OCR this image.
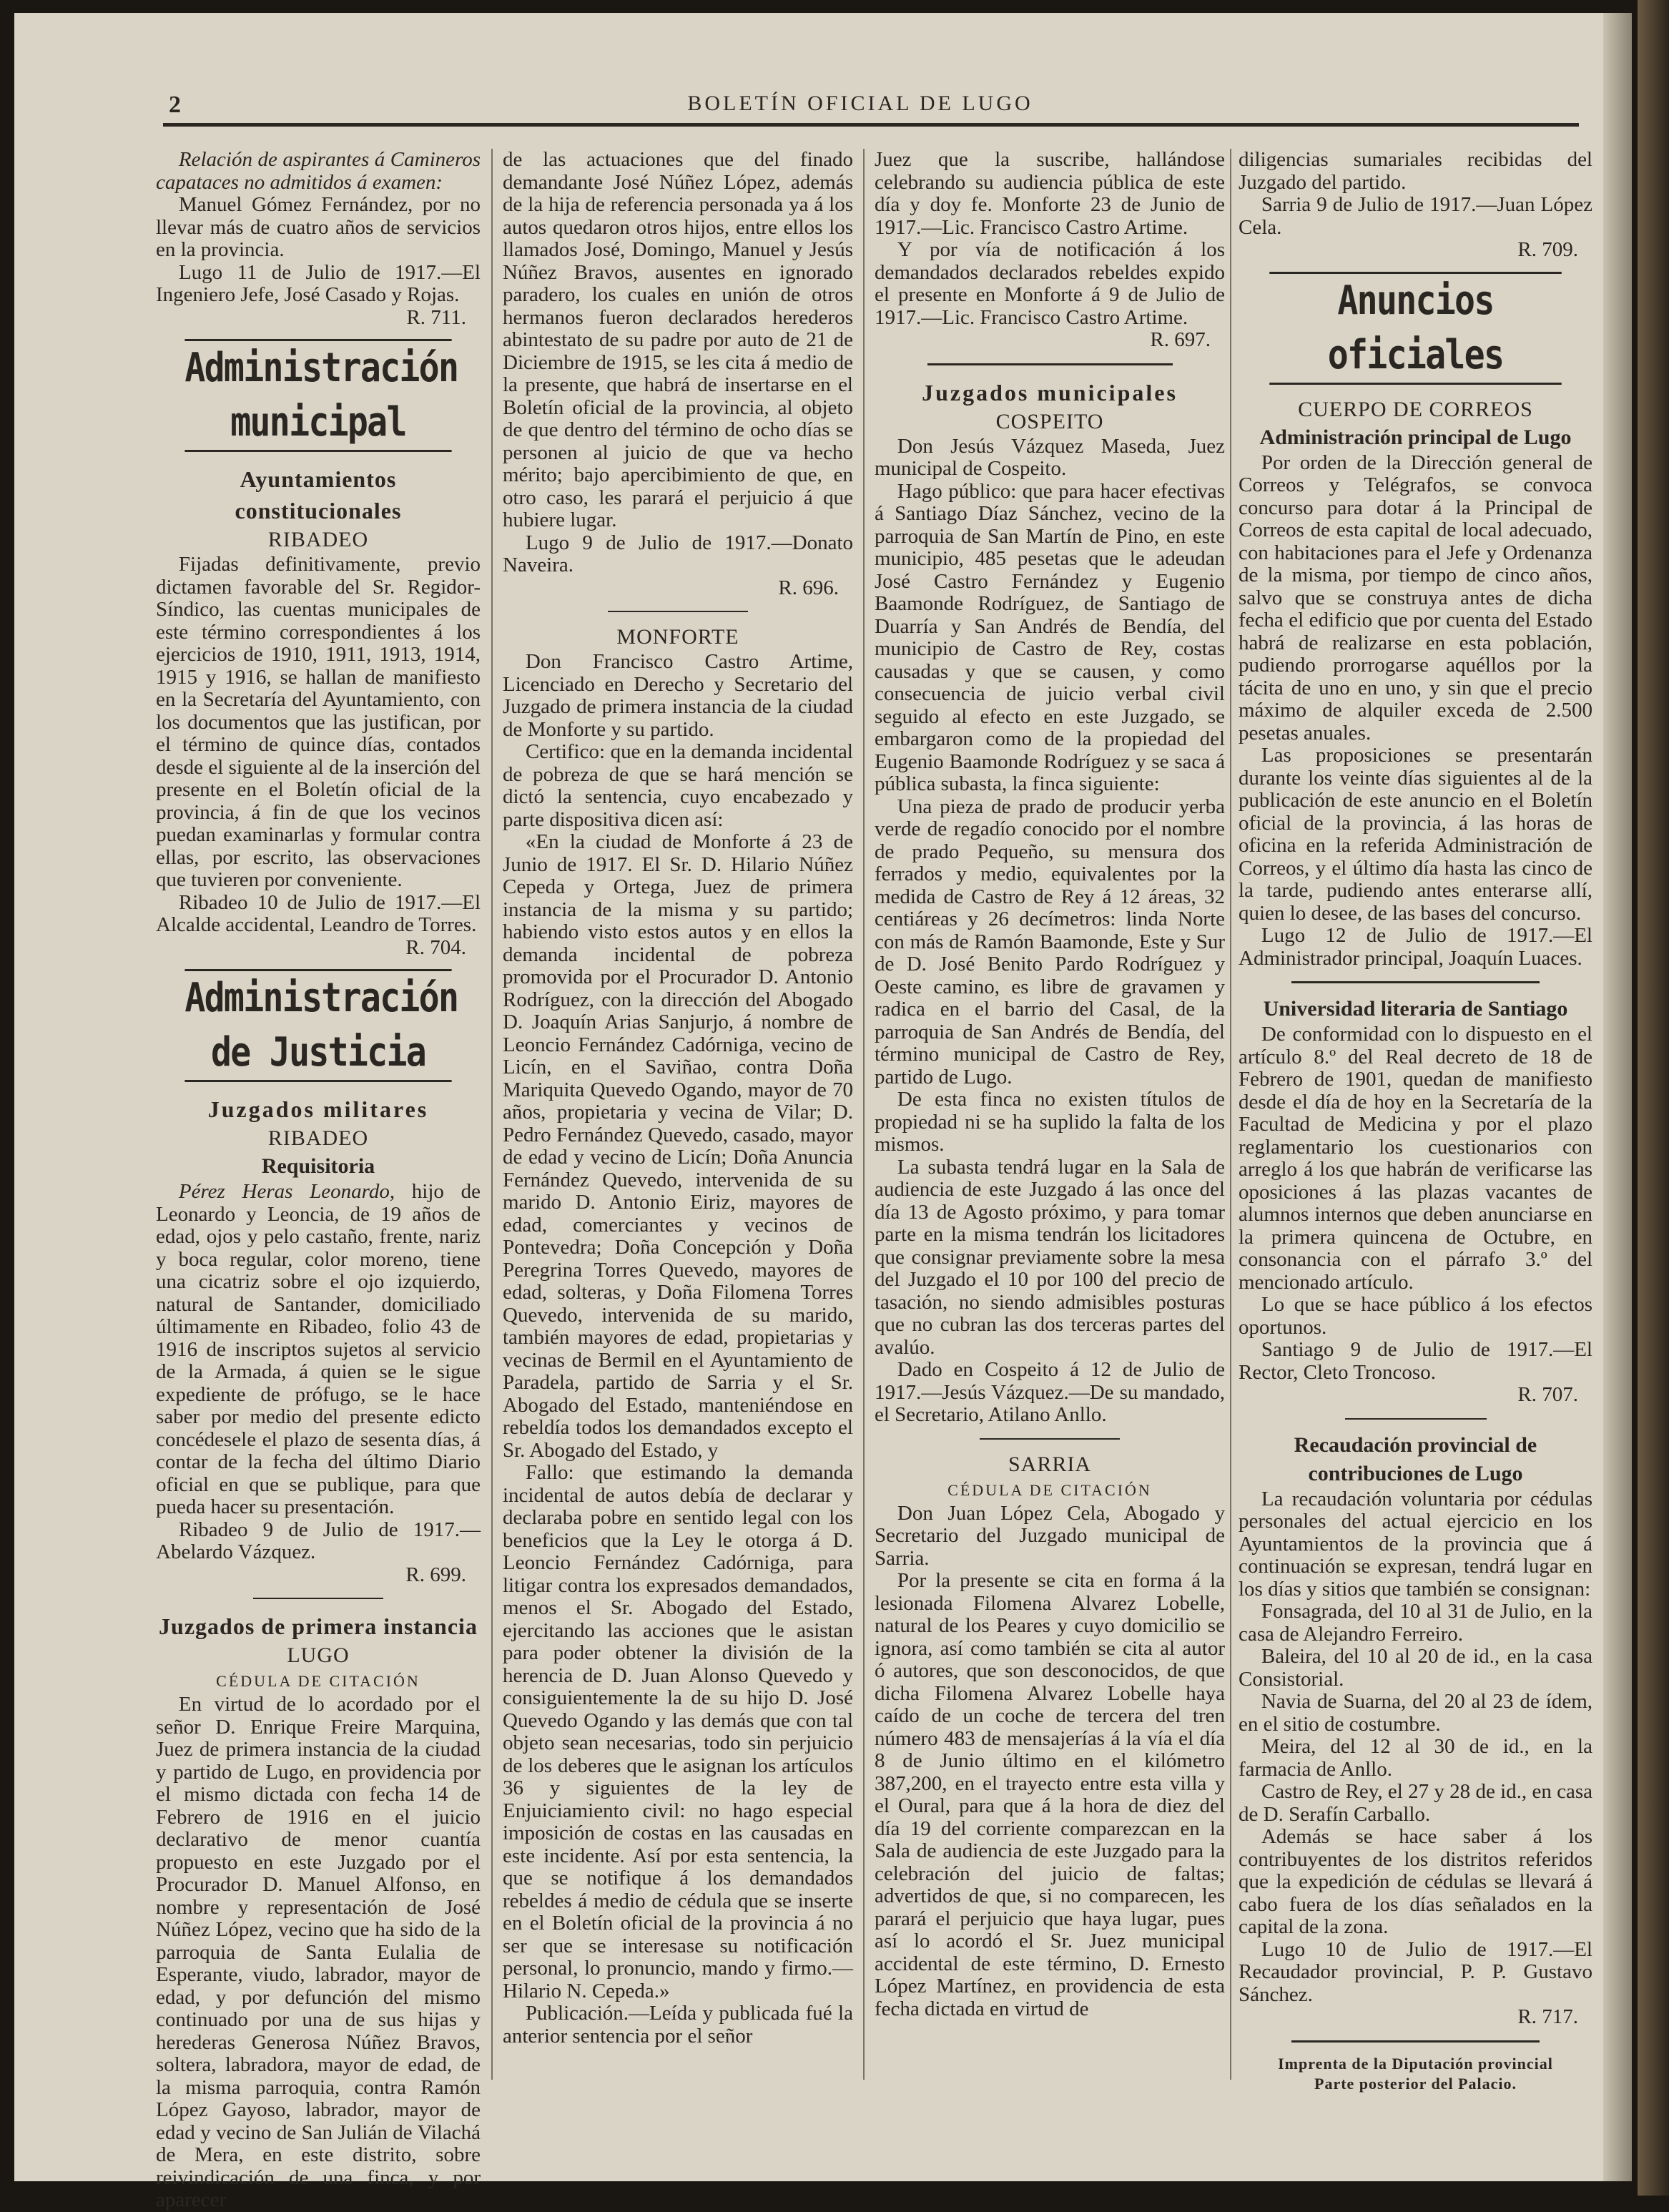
2	BOLETÍN OFICIAL DE LUGO

Relación de aspirantes á Camineros capataces no admitidos á examen:

Manuel Gómez Fernández, por no llevar más de cuatro años de servicios en la provincia.

Lugo 11 de Julio de 1917.—El Ingeniero Jefe, José Casado y Rojas.

R. 711.

Administración municipal
Ayuntamientos constitucionales
RIBADEO

Fijadas definitivamente, previo dictamen favorable del Sr. Regidor-Síndico, las cuentas municipales de este término correspondientes á los ejercicios de 1910, 1911, 1913, 1914, 1915 y 1916, se hallan de manifiesto en la Secretaría del Ayuntamiento, con los documentos que las justifican, por el término de quince días, contados desde el siguiente al de la inserción del presente en el Boletín oficial de la provincia, á fin de que los vecinos puedan examinarlas y formular contra ellas, por escrito, las observaciones que tuvieren por conveniente.

Ribadeo 10 de Julio de 1917.—El Alcalde accidental, Leandro de Torres.

R. 704.

Administración de Justicia
Juzgados militares
RIBADEO
Requisitoria

Pérez Heras Leonardo, hijo de Leonardo y Leoncia, de 19 años de edad, ojos y pelo castaño, frente, nariz y boca regular, color moreno, tiene una cicatriz sobre el ojo izquierdo, natural de Santander, domiciliado últimamente en Ribadeo, folio 43 de 1916 de inscriptos sujetos al servicio de la Armada, á quien se le sigue expediente de prófugo, se le hace saber por medio del presente edicto concédesele el plazo de sesenta días, á contar de la fecha del último Diario oficial en que se publique, para que pueda hacer su presentación.

Ribadeo 9 de Julio de 1917.—Abelardo Vázquez.

R. 699.

Juzgados de primera instancia
LUGO
CÉDULA DE CITACIÓN

En virtud de lo acordado por el señor D. Enrique Freire Marquina, Juez de primera instancia de la ciudad y partido de Lugo, en providencia por el mismo dictada con fecha 14 de Febrero de 1916 en el juicio declarativo de menor cuantía propuesto en este Juzgado por el Procurador D. Manuel Alfonso, en nombre y representación de José Núñez López, vecino que ha sido de la parroquia de Santa Eulalia de Esperante, viudo, labrador, mayor de edad, y por defunción del mismo continuado por una de sus hijas y herederas Generosa Núñez Bravos, soltera, labradora, mayor de edad, de la misma parroquia, contra Ramón López Gayoso, labrador, mayor de edad y vecino de San Julián de Vilachá de Mera, en este distrito, sobre reivindicación de una finca, y por aparecer

de las actuaciones que del finado demandante José Núñez López, además de la hija de referencia personada ya á los autos quedaron otros hijos, entre ellos los llamados José, Domingo, Manuel y Jesús Núñez Bravos, ausentes en ignorado paradero, los cuales en unión de otros hermanos fueron declarados herederos abintestato de su padre por auto de 21 de Diciembre de 1915, se les cita á medio de la presente, que habrá de insertarse en el Boletín oficial de la provincia, al objeto de que dentro del término de ocho días se personen al juicio de que va hecho mérito; bajo apercibimiento de que, en otro caso, les parará el perjuicio á que hubiere lugar.

Lugo 9 de Julio de 1917.—Donato Naveira.

R. 696.

MONFORTE

Don Francisco Castro Artime, Licenciado en Derecho y Secretario del Juzgado de primera instancia de la ciudad de Monforte y su partido.

Certifico: que en la demanda incidental de pobreza de que se hará mención se dictó la sentencia, cuyo encabezado y parte dispositiva dicen así:

«En la ciudad de Monforte á 23 de Junio de 1917. El Sr. D. Hilario Núñez Cepeda y Ortega, Juez de primera instancia de la misma y su partido; habiendo visto estos autos y en ellos la demanda incidental de pobreza promovida por el Procurador D. Antonio Rodríguez, con la dirección del Abogado D. Joaquín Arias Sanjurjo, á nombre de Leoncio Fernández Cadórniga, vecino de Licín, en el Saviñao, contra Doña Mariquita Quevedo Ogando, mayor de 70 años, propietaria y vecina de Vilar; D. Pedro Fernández Quevedo, casado, mayor de edad y vecino de Licín; Doña Anuncia Fernández Quevedo, intervenida de su marido D. Antonio Eiriz, mayores de edad, comerciantes y vecinos de Pontevedra; Doña Concepción y Doña Peregrina Torres Quevedo, mayores de edad, solteras, y Doña Filomena Torres Quevedo, intervenida de su marido, también mayores de edad, propietarias y vecinas de Bermil en el Ayuntamiento de Paradela, partido de Sarria y el Sr. Abogado del Estado, manteniéndose en rebeldía todos los demandados excepto el Sr. Abogado del Estado, y

Fallo: que estimando la demanda incidental de autos debía de declarar y declaraba pobre en sentido legal con los beneficios que la Ley le otorga á D. Leoncio Fernández Cadórniga, para litigar contra los expresados demandados, menos el Sr. Abogado del Estado, ejercitando las acciones que le asistan para poder obtener la división de la herencia de D. Juan Alonso Quevedo y consiguientemente la de su hijo D. José Quevedo Ogando y las demás que con tal objeto sean necesarias, todo sin perjuicio de los deberes que le asignan los artículos 36 y siguientes de la ley de Enjuiciamiento civil: no hago especial imposición de costas en las causadas en este incidente. Así por esta sentencia, la que se notifique á los demandados rebeldes á medio de cédula que se inserte en el Boletín oficial de la provincia á no ser que se interesase su notificación personal, lo pronuncio, mando y firmo.—Hilario N. Cepeda.»

Publicación.—Leída y publicada fué la anterior sentencia por el señor

Juez que la suscribe, hallándose celebrando su audiencia pública de este día y doy fe. Monforte 23 de Junio de 1917.—Lic. Francisco Castro Artime.

Y por vía de notificación á los demandados declarados rebeldes expido el presente en Monforte á 9 de Julio de 1917.—Lic. Francisco Castro Artime.

R. 697.

Juzgados municipales
COSPEITO

Don Jesús Vázquez Maseda, Juez municipal de Cospeito.

Hago público: que para hacer efectivas á Santiago Díaz Sánchez, vecino de la parroquia de San Martín de Pino, en este municipio, 485 pesetas que le adeudan José Castro Fernández y Eugenio Baamonde Rodríguez, de Santiago de Duarría y San Andrés de Bendía, del municipio de Castro de Rey, costas causadas y que se causen, y como consecuencia de juicio verbal civil seguido al efecto en este Juzgado, se embargaron como de la propiedad del Eugenio Baamonde Rodríguez y se saca á pública subasta, la finca siguiente:

Una pieza de prado de producir yerba verde de regadío conocido por el nombre de prado Pequeño, su mensura dos ferrados y medio, equivalentes por la medida de Castro de Rey á 12 áreas, 32 centiáreas y 26 decímetros: linda Norte con más de Ramón Baamonde, Este y Sur de D. José Benito Pardo Rodríguez y Oeste camino, es libre de gravamen y radica en el barrio del Casal, de la parroquia de San Andrés de Bendía, del término municipal de Castro de Rey, partido de Lugo.

De esta finca no existen títulos de propiedad ni se ha suplido la falta de los mismos.

La subasta tendrá lugar en la Sala de audiencia de este Juzgado á las once del día 13 de Agosto próximo, y para tomar parte en la misma tendrán los licitadores que consignar previamente sobre la mesa del Juzgado el 10 por 100 del precio de tasación, no siendo admisibles posturas que no cubran las dos terceras partes del avalúo.

Dado en Cospeito á 12 de Julio de 1917.—Jesús Vázquez.—De su mandado, el Secretario, Atilano Anllo.

SARRIA
CÉDULA DE CITACIÓN

Don Juan López Cela, Abogado y Secretario del Juzgado municipal de Sarria.

Por la presente se cita en forma á la lesionada Filomena Alvarez Lobelle, natural de los Peares y cuyo domicilio se ignora, así como también se cita al autor ó autores, que son desconocidos, de que dicha Filomena Alvarez Lobelle haya caído de un coche de tercera del tren número 483 de mensajerías á la vía el día 8 de Junio último en el kilómetro 387,200, en el trayecto entre esta villa y el Oural, para que á la hora de diez del día 19 del corriente comparezcan en la Sala de audiencia de este Juzgado para la celebración del juicio de faltas; advertidos de que, si no comparecen, les parará el perjuicio que haya lugar, pues así lo acordó el Sr. Juez municipal accidental de este término, D. Ernesto López Martínez, en providencia de esta fecha dictada en virtud de

diligencias sumariales recibidas del Juzgado del partido.

Sarria 9 de Julio de 1917.—Juan López Cela.

R. 709.

Anuncios oficiales
CUERPO DE CORREOS
Administración principal de Lugo

Por orden de la Dirección general de Correos y Telégrafos, se convoca concurso para dotar á la Principal de Correos de esta capital de local adecuado, con habitaciones para el Jefe y Ordenanza de la misma, por tiempo de cinco años, salvo que se construya antes de dicha fecha el edificio que por cuenta del Estado habrá de realizarse en esta población, pudiendo prorrogarse aquéllos por la tácita de uno en uno, y sin que el precio máximo de alquiler exceda de 2.500 pesetas anuales.

Las proposiciones se presentarán durante los veinte días siguientes al de la publicación de este anuncio en el Boletín oficial de la provincia, á las horas de oficina en la referida Administración de Correos, y el último día hasta las cinco de la tarde, pudiendo antes enterarse allí, quien lo desee, de las bases del concurso.

Lugo 12 de Julio de 1917.—El Administrador principal, Joaquín Luaces.

Universidad literaria de Santiago

De conformidad con lo dispuesto en el artículo 8.º del Real decreto de 18 de Febrero de 1901, quedan de manifiesto desde el día de hoy en la Secretaría de la Facultad de Medicina y por el plazo reglamentario los cuestionarios con arreglo á los que habrán de verificarse las oposiciones á las plazas vacantes de alumnos internos que deben anunciarse en la primera quincena de Octubre, en consonancia con el párrafo 3.º del mencionado artículo.

Lo que se hace público á los efectos oportunos.

Santiago 9 de Julio de 1917.—El Rector, Cleto Troncoso.

R. 707.

Recaudación provincial de contribuciones de Lugo

La recaudación voluntaria por cédulas personales del actual ejercicio en los Ayuntamientos de la provincia que á continuación se expresan, tendrá lugar en los días y sitios que también se consignan:

Fonsagrada, del 10 al 31 de Julio, en la casa de Alejandro Ferreiro.

Baleira, del 10 al 20 de id., en la casa Consistorial.

Navia de Suarna, del 20 al 23 de ídem, en el sitio de costumbre.

Meira, del 12 al 30 de id., en la farmacia de Anllo.

Castro de Rey, el 27 y 28 de id., en casa de D. Serafín Carballo.

Además se hace saber á los contribuyentes de los distritos referidos que la expedición de cédulas se llevará á cabo fuera de los días señalados en la capital de la zona.

Lugo 10 de Julio de 1917.—El Recaudador provincial, P. P. Gustavo Sánchez.

R. 717.

Imprenta de la Diputación provincial
Parte posterior del Palacio.
